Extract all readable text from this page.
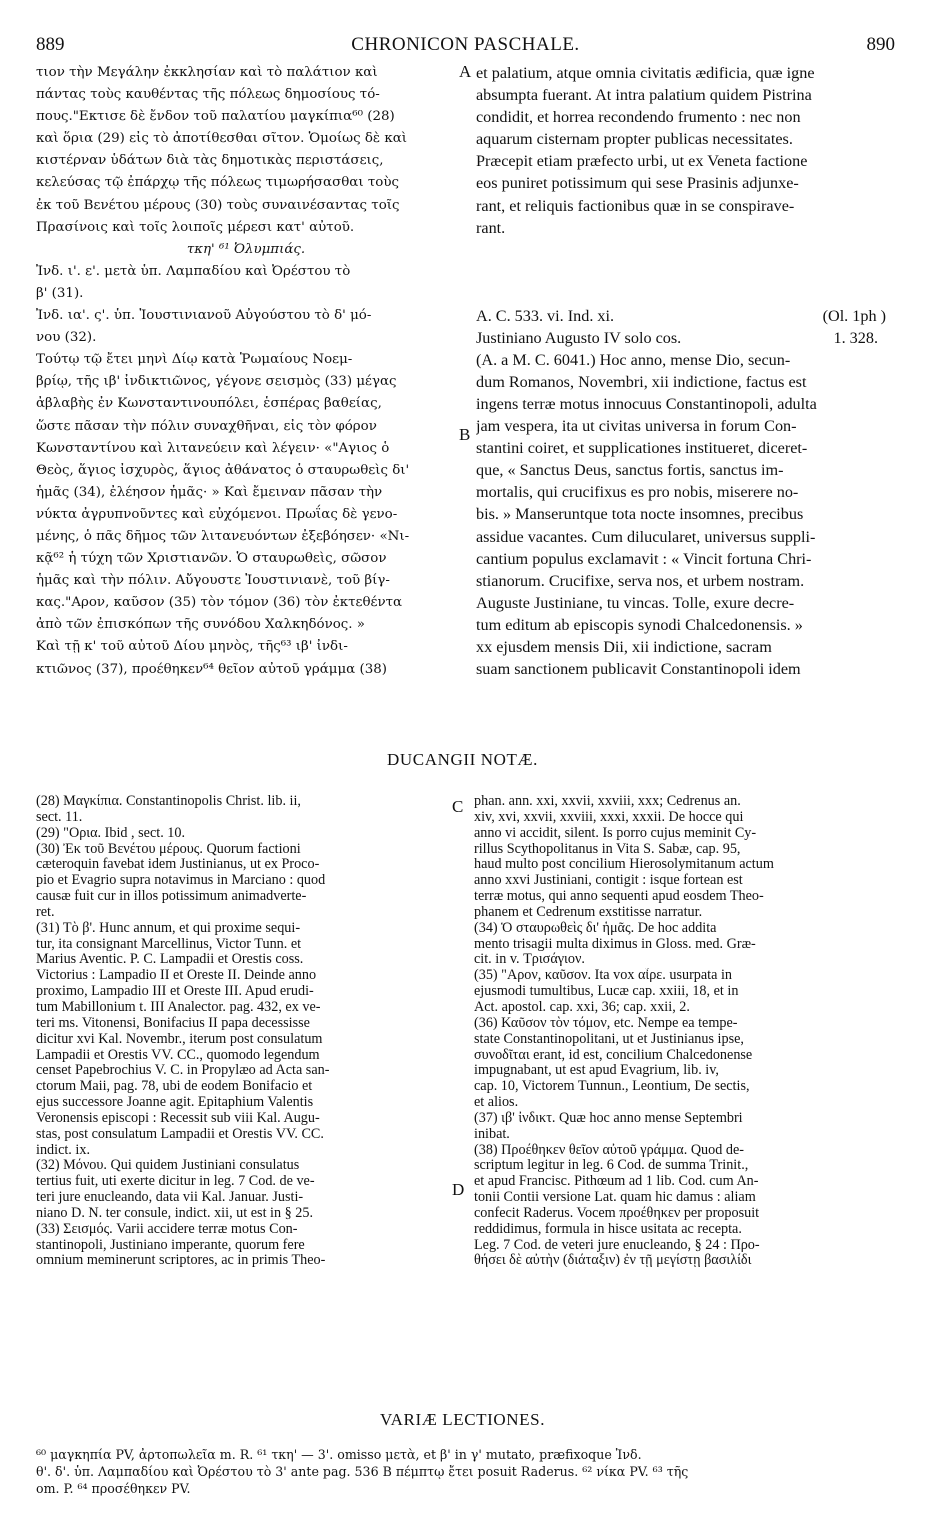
889	CHRONICON PASCHALE.	890
τιον τὴν Μεγάλην ἐκκλησίαν καὶ τὸ παλάτιον καὶ
πάντας τοὺς καυθέντας τῆς πόλεως δημοσίους τό-
πους."Εκτισε δὲ ἔνδον τοῦ παλατίου μαγκίπια⁶⁰ (28)
καὶ ὅρια (29) εἰς τὸ ἀποτίθεσθαι σῖτον. Ὁμοίως δὲ καὶ
κιστέρναν ὑδάτων διὰ τὰς δημοτικὰς περιστάσεις,
κελεύσας τῷ ἐπάρχῳ τῆς πόλεως τιμωρήσασθαι τοὺς
ἐκ τοῦ Βενέτου μέρους (30) τοὺς συναινέσαντας τοῖς
Πρασίνοις καὶ τοῖς λοιποῖς μέρεσι κατ' αὐτοῦ.
τκη' ⁶¹ Ὀλυμπιάς.
Ἰνδ. ι'. ε'. μετὰ ὑπ. Λαμπαδίου καὶ Ὀρέστου τὸ
β' (31).
Ἰνδ. ια'. ς'. ὑπ. Ἰουστινιανοῦ Αὐγούστου τὸ δ' μό-
νου (32).
Τούτῳ τῷ ἔτει μηνὶ Δίῳ κατὰ Ῥωμαίους Νοεμ-
βρίῳ, τῆς ιβ' ἰνδικτιῶνος, γέγονε σεισμὸς (33) μέγας
ἀβλαβὴς ἐν Κωνσταντινουπόλει, ἑσπέρας βαθείας,
ὥστε πᾶσαν τὴν πόλιν συναχθῆναι, εἰς τὸν φόρον
Κωνσταντίνου καὶ λιτανεύειν καὶ λέγειν· «"Αγιος ὁ
Θεὸς, ἅγιος ἰσχυρὸς, ἅγιος ἀθάνατος ὁ σταυρωθεὶς δι'
ἡμᾶς (34), ἐλέησον ἡμᾶς· » Καὶ ἔμειναν πᾶσαν τὴν
νύκτα ἀγρυπνοῦντες καὶ εὐχόμενοι. Πρωΐας δὲ γενο-
μένης, ὁ πᾶς δῆμος τῶν λιτανευόντων ἐξεβόησεν· «Νι-
κᾷ⁶² ἡ τύχη τῶν Χριστιανῶν. Ὁ σταυρωθεὶς, σῶσον
ἡμᾶς καὶ τὴν πόλιν. Αὔγουστε Ἰουστινιανὲ, τοῦ βίγ-
κας."Αρον, καῦσον (35) τὸν τόμον (36) τὸν ἐκτεθέντα
ἀπὸ τῶν ἐπισκόπων τῆς συνόδου Χαλκηδόνος. »
Καὶ τῇ κ' τοῦ αὐτοῦ Δίου μηνὸς, τῆς⁶³ ιβ' ἰνδι-
κτιῶνος (37), προέθηκεν⁶⁴ θεῖον αὐτοῦ γράμμα (38)
et palatium, atque omnia civitatis ædificia, quæ igne
absumpta fuerant. At intra palatium quidem Pistrina
condidit, et horrea recondendo frumento : nec non
aquarum cisternam propter publicas necessitates.
Præcepit etiam præfecto urbi, ut ex Veneta factione
eos puniret potissimum qui sese Prasinis adjunxe-
rant, et reliquis factionibus quæ in se conspirave-
rant.
A. C. 533. vi. Ind. xi.	(Ol. 1ph )
Justiniano Augusto IV solo cos.	1. 328.
(A. a M. C. 6041.) Hoc anno, mense Dio, secun-
dum Romanos, Novembri, xii indictione, factus est
ingens terræ motus innocuus Constantinopoli, adulta
jam vespera, ita ut civitas universa in forum Con-
stantini coiret, et supplicationes institueret, diceret-
que, « Sanctus Deus, sanctus fortis, sanctus im-
mortalis, qui crucifixus es pro nobis, miserere no-
bis. » Manseruntque tota nocte insomnes, precibus
assidue vacantes. Cum dilucularet, universus suppli-
cantium populus exclamavit : « Vincit fortuna Chri-
stianorum. Crucifixe, serva nos, et urbem nostram.
Auguste Justiniane, tu vincas. Tolle, exure decre-
tum editum ab episcopis synodi Chalcedonensis. »
xx ejusdem mensis Dii, xii indictione, sacram
suam sanctionem publicavit Constantinopoli idem
A
B
C
D
DUCANGII NOTÆ.
(28) Μαγκίπια. Constantinopolis Christ. lib. ii,
sect. 11.
(29) "Ορια. Ibid , sect. 10.
(30) Ἐκ τοῦ Βενέτου μέρους. Quorum factioni
cæteroquin favebat idem Justinianus, ut ex Proco-
pio et Evagrio supra notavimus in Marciano : quod
causæ fuit cur in illos potissimum animadverte-
ret.
(31) Τὸ β'. Hunc annum, et qui proxime sequi-
tur, ita consignant Marcellinus, Victor Tunn. et
Marius Aventic. P. C. Lampadii et Orestis coss.
Victorius : Lampadio II et Oreste II. Deinde anno
proximo, Lampadio III et Oreste III. Apud erudi-
tum Mabillonium t. III Analector. pag. 432, ex ve-
teri ms. Vitonensi, Bonifacius II papa decessisse
dicitur xvi Kal. Novembr., iterum post consulatum
Lampadii et Orestis VV. CC., quomodo legendum
censet Papebrochius V. C. in Propylæo ad Acta san-
ctorum Maii, pag. 78, ubi de eodem Bonifacio et
ejus successore Joanne agit. Epitaphium Valentis
Veronensis episcopi : Recessit sub viii Kal. Augu-
stas, post consulatum Lampadii et Orestis VV. CC.
indict. ix.
(32) Μόνου. Qui quidem Justiniani consulatus
tertius fuit, uti exerte dicitur in leg. 7 Cod. de ve-
teri jure enucleando, data vii Kal. Januar. Justi-
niano D. N. ter consule, indict. xii, ut est in § 25.
(33) Σεισμός. Varii accidere terræ motus Con-
stantinopoli, Justiniano imperante, quorum fere
omnium meminerunt scriptores, ac in primis Theo-
phan. ann. xxi, xxvii, xxviii, xxx; Cedrenus an.
xiv, xvi, xxvii, xxviii, xxxi, xxxii. De hocce qui
anno vi accidit, silent. Is porro cujus meminit Cy-
rillus Scythopolitanus in Vita S. Sabæ, cap. 95,
haud multo post concilium Hierosolymitanum actum
anno xxvi Justiniani, contigit : isque fortean est
terræ motus, qui anno sequenti apud eosdem Theo-
phanem et Cedrenum exstitisse narratur.
(34) Ὁ σταυρωθεὶς δι' ἡμᾶς. De hoc addita
mento trisagii multa diximus in Gloss. med. Græ-
cit. in v. Τρισάγιον.
(35) "Αρον, καῦσον. Ita vox αἶρε. usurpata in
ejusmodi tumultibus, Lucæ cap. xxiii, 18, et in
Act. apostol. cap. xxi, 36; cap. xxii, 2.
(36) Καῦσον τὸν τόμον, etc. Nempe ea tempe-
state Constantinopolitani, ut et Justinianus ipse,
συνοδῖται erant, id est, concilium Chalcedonense
impugnabant, ut est apud Evagrium, lib. iv,
cap. 10, Victorem Tunnun., Leontium, De sectis,
et alios.
(37) ιβ' ἰνδικτ. Quæ hoc anno mense Septembri
inibat.
(38) Προέθηκεν θεῖον αὐτοῦ γράμμα. Quod de-
scriptum legitur in leg. 6 Cod. de summa Trinit.,
et apud Francisc. Pithœum ad 1 lib. Cod. cum An-
tonii Contii versione Lat. quam hic damus : aliam
confecit Raderus. Vocem προέθηκεν per proposuit
reddidimus, formula in hisce usitata ac recepta.
Leg. 7 Cod. de veteri jure enucleando, § 24 : Προ-
θήσει δὲ αὐτὴν (διάταξιν) ἐν τῇ μεγίστῃ βασιλίδι
VARIÆ LECTIONES.
⁶⁰ μαγκηπία PV, ἀρτοπωλεῖα m. R. ⁶¹ τκη' — 3'. omisso μετὰ, et β' in γ' mutato, præfixoque Ἰνδ.
θ'. δ'. ὑπ. Λαμπαδίου καὶ Ὀρέστου τὸ 3' ante pag. 536 B πέμπτῳ ἔτει posuit Raderus. ⁶² νίκα PV. ⁶³ τῆς
om. P. ⁶⁴ προσέθηκεν PV.
